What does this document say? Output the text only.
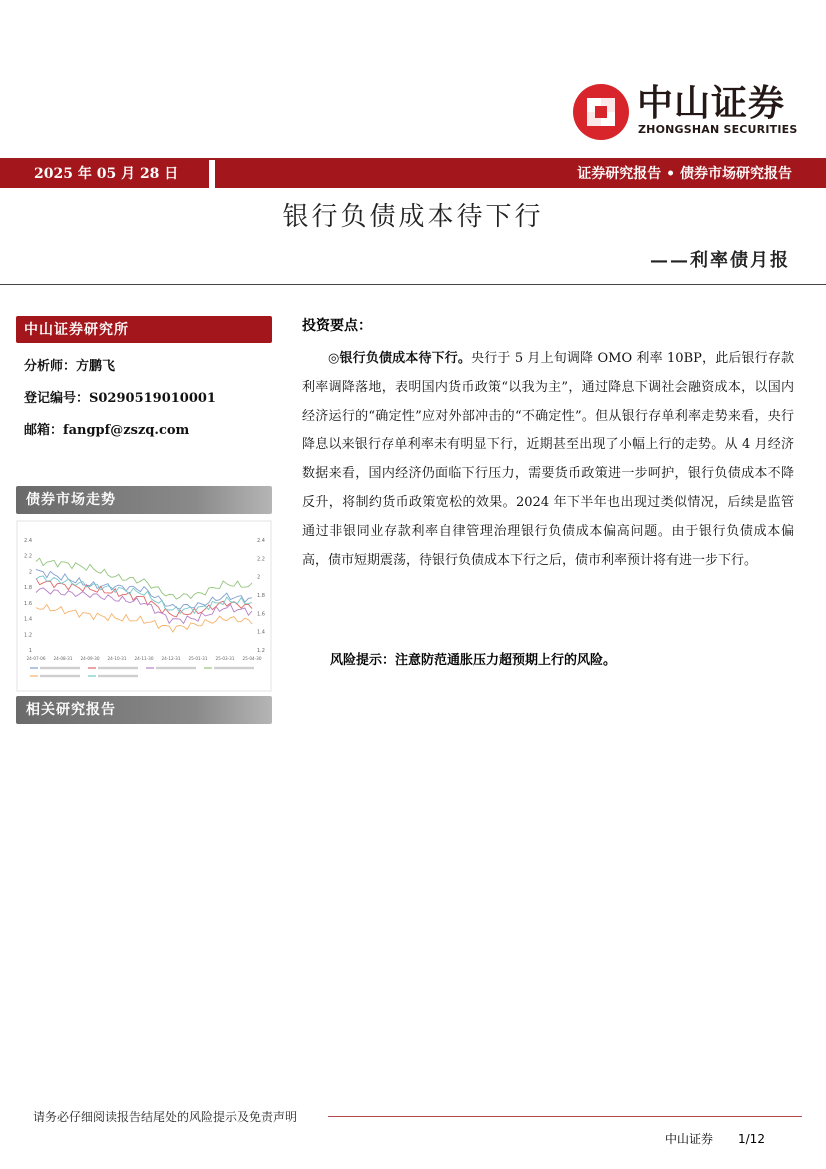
中山证券
ZHONGSHAN SECURITIES
2025 年 05 月 28 日	证券研究报告 • 债券市场研究报告
银行负债成本待下行
——利率债月报
中山证券研究所
分析师：方鹏飞
登记编号：S0290519010001
邮箱：fangpf@zszq.com
债券市场走势
2.4
2.2
2
1.8
1.6
1.4
1.2
1
2.4
2.2
2
1.8
1.6
1.4
1.2
24-07-06 24-08-31 24-09-30 24-10-31 24-11-30 24-12-31 25-01-31 25-03-31 25-04-30
相关研究报告
投资要点：
◎银行负债成本待下行。央行于 5 月上旬调降 OMO 利率 10BP，此后银行存款利率调降落地，表明国内货币政策“以我为主”，通过降息下调社会融资成本，以国内经济运行的“确定性”应对外部冲击的“不确定性”。但从银行存单利率走势来看，央行降息以来银行存单利率未有明显下行，近期甚至出现了小幅上行的走势。从 4 月经济数据来看，国内经济仍面临下行压力，需要货币政策进一步呵护，银行负债成本不降反升，将制约货币政策宽松的效果。2024 年下半年也出现过类似情况，后续是监管通过非银同业存款利率自律管理治理银行负债成本偏高问题。由于银行负债成本偏高，债市短期震荡，待银行负债成本下行之后，债市利率预计将有进一步下行。
风险提示：注意防范通胀压力超预期上行的风险。
请务必仔细阅读报告结尾处的风险提示及免责声明
中山证券 1/12
